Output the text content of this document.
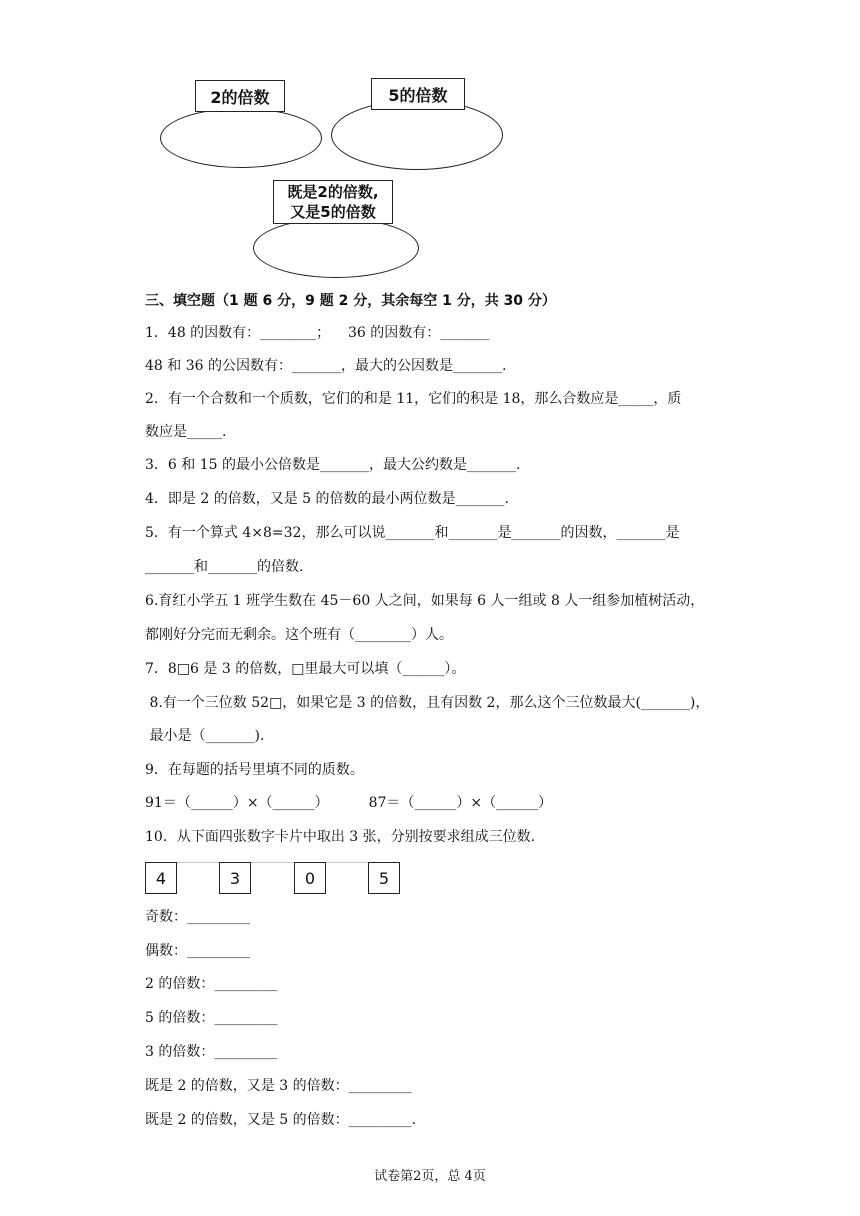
2的倍数	5的倍数
既是2的倍数,
又是5的倍数
三、填空题（1 题 6 分，9 题 2 分，其余每空 1 分，共 30 分）
1．48 的因数有：________；    36 的因数有：_______
48 和 36 的公因数有：_______，最大的公因数是_______.
2．有一个合数和一个质数，它们的和是 11，它们的积是 18，那么合数应是_____，质
数应是_____.
3．6 和 15 的最小公倍数是_______，最大公约数是_______.
4．即是 2 的倍数，又是 5 的倍数的最小两位数是_______.
5．有一个算式 4×8=32，那么可以说_______和_______是_______的因数，_______是
_______和_______的倍数.
6.育红小学五 1 班学生数在 45－60 人之间，如果每 6 人一组或 8 人一组参加植树活动，
都刚好分完而无剩余。这个班有（________）人。
7．8□6 是 3 的倍数，□里最大可以填（______）。
8.有一个三位数 52□，如果它是 3 的倍数，且有因数 2，那么这个三位数最大(_______)，
最小是（_______).
9．在每题的括号里填不同的质数。
91＝（______）×（______）         87＝（______）×（______）
10．从下面四张数字卡片中取出 3 张，分别按要求组成三位数.
4	3	0	5
奇数：_________
偶数：_________
2 的倍数：_________
5 的倍数：_________
3 的倍数：_________
既是 2 的倍数，又是 3 的倍数：_________
既是 2 的倍数，又是 5 的倍数：_________.
试卷第2页，总 4页
